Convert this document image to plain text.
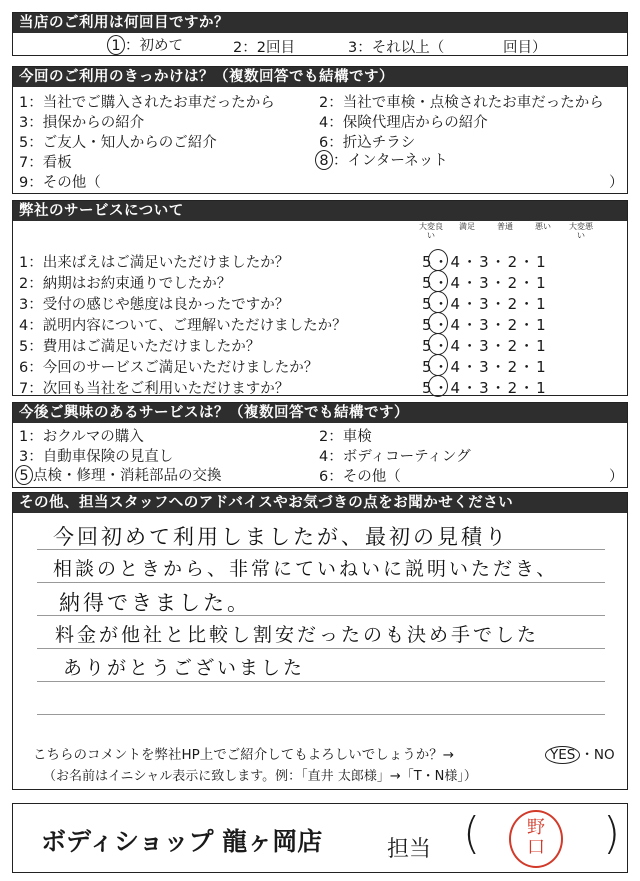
当店のご利用は何回目ですか？
1 ：初めて	2：2回目	3：それ以上（	回目）
今回のご利用のきっかけは？（複数回答でも結構です）
1：当社でご購入されたお車だったから	2：当社で車検・点検されたお車だったから
3：損保からの紹介	4：保険代理店からの紹介
5：ご友人・知人からのご紹介	6：折込チラシ
7：看板	8 ：インターネット
9：その他（	）
弊社のサービスについて
大変良い
満足	普通	悪い	大変悪い
1：出来ばえはご満足いただけましたか？	5・4・3・2・1
2：納期はお約束通りでしたか？	5・4・3・2・1
3：受付の感じや態度は良かったですか？	5・4・3・2・1
4：説明内容について、ご理解いただけましたか？	5・4・3・2・1
5：費用はご満足いただけましたか？	5・4・3・2・1
6：今回のサービスご満足いただけましたか？	5・4・3・2・1
7：次回も当社をご利用いただけますか？	5・4・3・2・1
今後ご興味のあるサービスは？（複数回答でも結構です）
1：おクルマの購入	2：車検
3：自動車保険の見直し	4：ボディコーティング
5 点検・修理・消耗部品の交換	6：その他（	）
その他、担当スタッフへのアドバイスやお気づきの点をお聞かせください
今回初めて利用しましたが、最初の見積り
相談のときから、非常にていねいに説明いただき、
納得できました。
料金が他社と比較し割安だったのも決め手でした
ありがとうございました
こちらのコメントを弊社HP上でご紹介してもよろしいでしょうか？→	YES ・NO
（お名前はイニシャル表示に致します。例：「直井 太郎様」→「T・N様」）
ボディショップ 龍ヶ岡店	担当 (	)
野
口
